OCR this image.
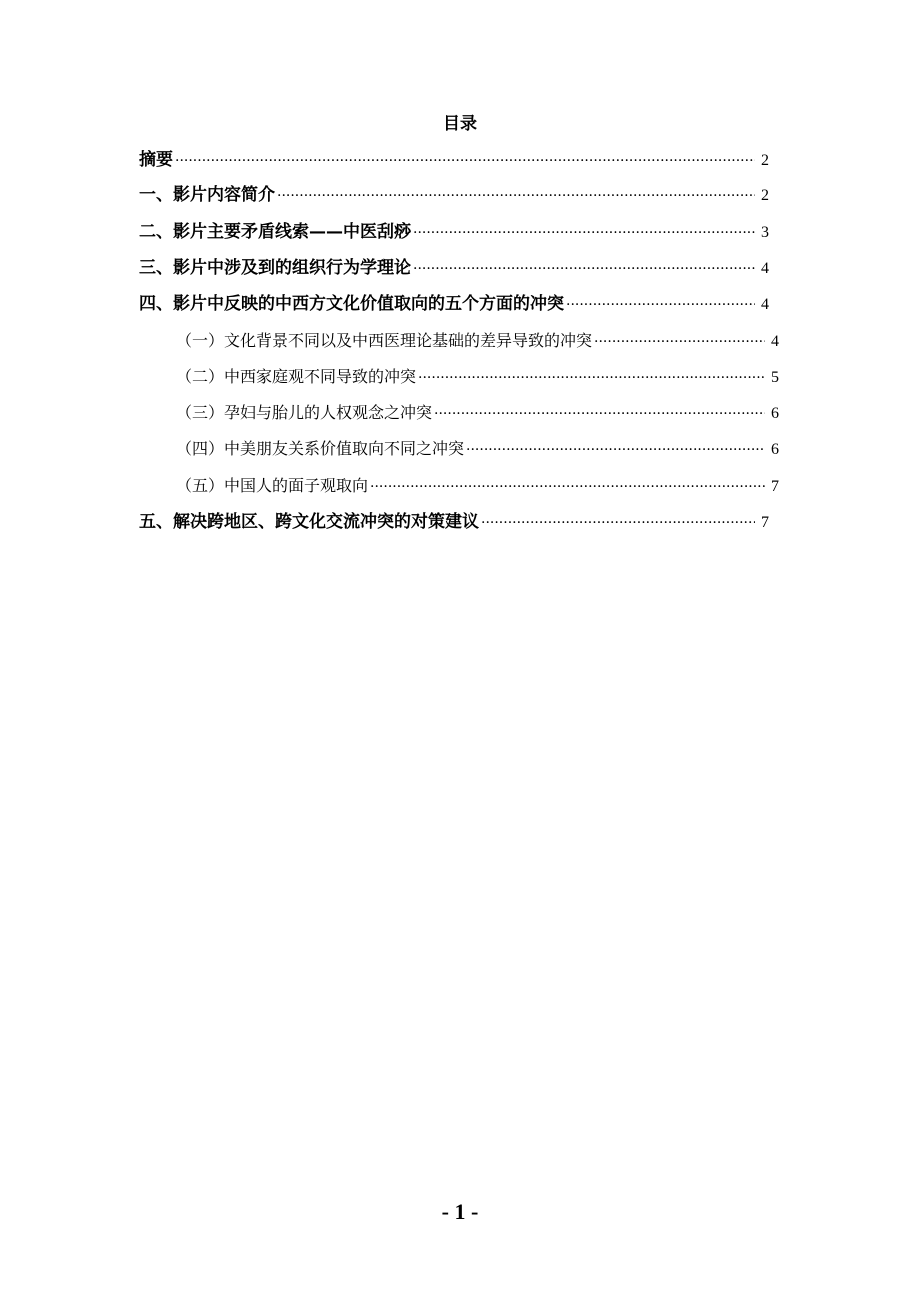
目录
摘要 ·····	2
一、影片内容简介 ·····	2
二、影片主要矛盾线索——中医刮痧 ·····	3
三、影片中涉及到的组织行为学理论 ·····	4
四、影片中反映的中西方文化价值取向的五个方面的冲突 ·····	4
（一）文化背景不同以及中西医理论基础的差异导致的冲突 ·····	4
（二）中西家庭观不同导致的冲突 ·····	5
（三）孕妇与胎儿的人权观念之冲突 ·····	6
（四）中美朋友关系价值取向不同之冲突 ·····	6
（五）中国人的面子观取向 ·····	7
五、解决跨地区、跨文化交流冲突的对策建议 ·····	7
- 1 -
